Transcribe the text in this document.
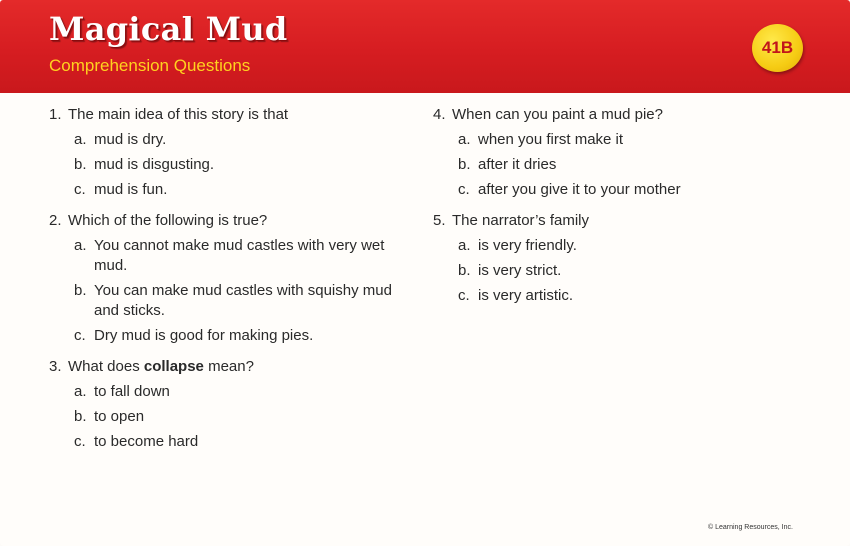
Magical Mud
Comprehension Questions
41B
1. The main idea of this story is that
a. mud is dry.
b. mud is disgusting.
c. mud is fun.
2. Which of the following is true?
a. You cannot make mud castles with very wet mud.
b. You can make mud castles with squishy mud and sticks.
c. Dry mud is good for making pies.
3. What does collapse mean?
a. to fall down
b. to open
c. to become hard
4. When can you paint a mud pie?
a. when you first make it
b. after it dries
c. after you give it to your mother
5. The narrator’s family
a. is very friendly.
b. is very strict.
c. is very artistic.
© Learning Resources, Inc.
